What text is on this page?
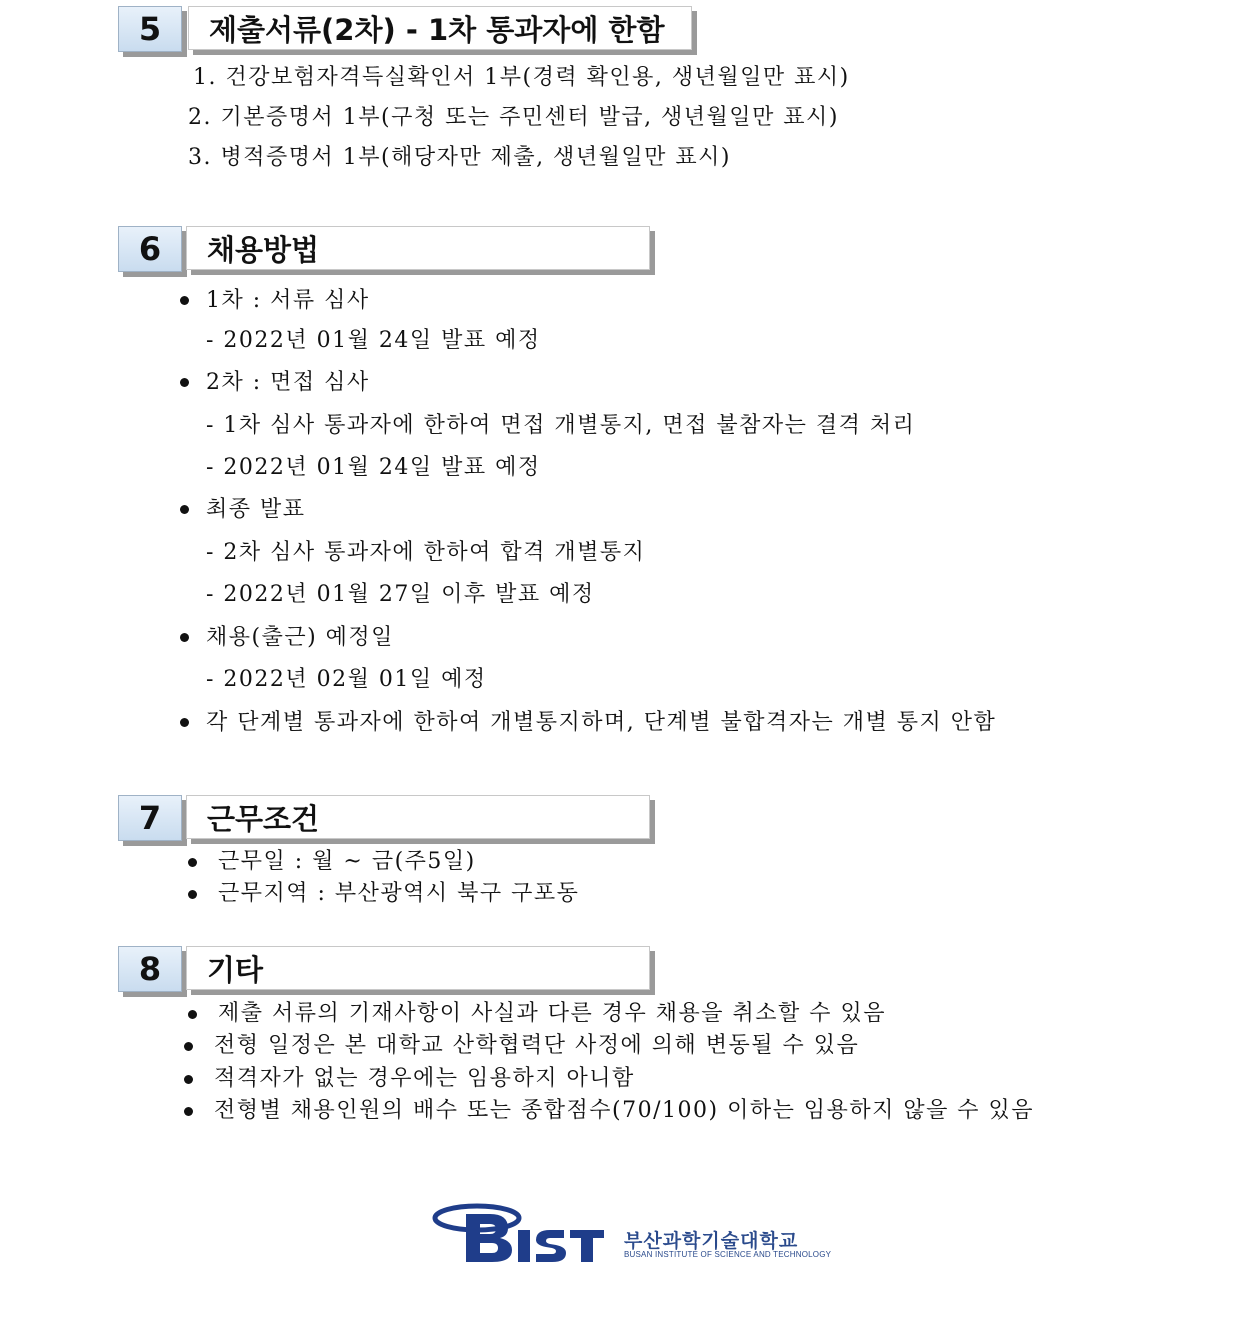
5	제출서류(2차) - 1차 통과자에 한함
1. 건강보험자격득실확인서 1부(경력 확인용, 생년월일만 표시)
2. 기본증명서 1부(구청 또는 주민센터 발급, 생년월일만 표시)
3. 병적증명서 1부(해당자만 제출, 생년월일만 표시)
6	채용방법
1차 : 서류 심사
- 2022년 01월 24일 발표 예정
2차 : 면접 심사
- 1차 심사 통과자에 한하여 면접 개별통지, 면접 불참자는 결격 처리
- 2022년 01월 24일 발표 예정
최종 발표
- 2차 심사 통과자에 한하여 합격 개별통지
- 2022년 01월 27일 이후 발표 예정
채용(출근) 예정일
- 2022년 02월 01일 예정
각 단계별 통과자에 한하여 개별통지하며, 단계별 불합격자는 개별 통지 안함
7	근무조건
근무일 : 월 ~ 금(주5일)
근무지역 : 부산광역시 북구 구포동
8	기타
제출 서류의 기재사항이 사실과 다른 경우 채용을 취소할 수 있음
전형 일정은 본 대학교 산학협력단 사정에 의해 변동될 수 있음
적격자가 없는 경우에는 임용하지 아니함
전형별 채용인원의 배수 또는 종합점수(70/100) 이하는 임용하지 않을 수 있음
부산과학기술대학교
BUSAN INSTITUTE OF SCIENCE AND TECHNOLOGY
